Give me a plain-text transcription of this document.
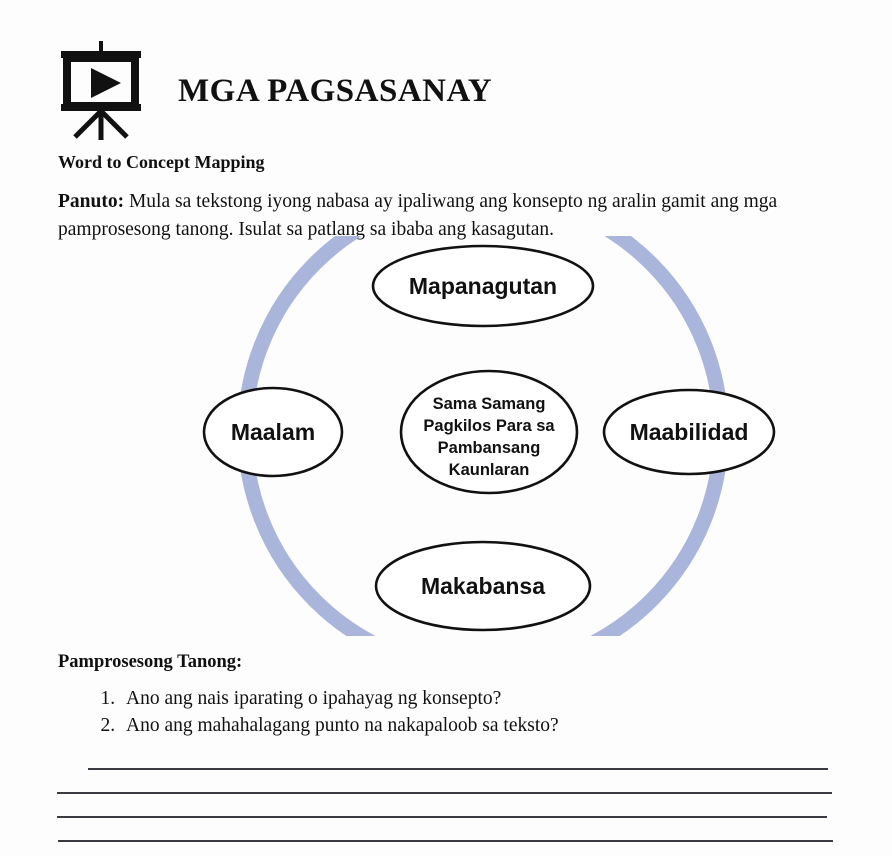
MGA PAGSASANAY
Word to Concept Mapping
Panuto: Mula sa tekstong iyong nabasa ay ipaliwang ang konsepto ng aralin gamit ang mga pamprosesong tanong. Isulat sa patlang sa ibaba ang kasagutan.
Mapanagutan
Maalam	Maabilidad
Makabansa
Sama Samang
Pagkilos Para sa
Pambansang
Kaunlaran
Pamprosesong Tanong:
1. Ano ang nais iparating o ipahayag ng konsepto?
2. Ano ang mahahalagang punto na nakapaloob sa teksto?
